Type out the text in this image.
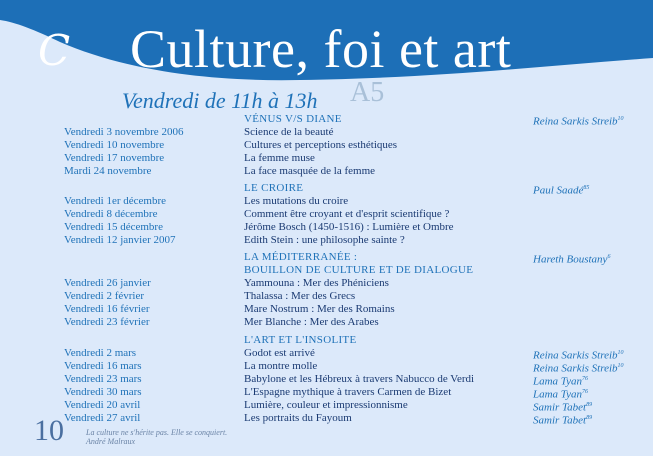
C Culture, foi et art
Vendredi de 11h à 13h A5
VÉNUS V/S DIANE	Reina Sarkis Streib$^{10}$
Vendredi 3 novembre 2006	Science de la beauté
Vendredi 10 novembre	Cultures et perceptions esthétiques
Vendredi 17 novembre	La femme muse
Mardi 24 novembre	La face masquée de la femme
LE CROIRE	Paul Saadé$^{85}$
Vendredi 1er décembre	Les mutations du croire
Vendredi 8 décembre	Comment être croyant et d'esprit scientifique ?
Vendredi 15 décembre	Jérôme Bosch (1450-1516) : Lumière et Ombre
Vendredi 12 janvier 2007	Edith Stein : une philosophe sainte ?
LA MÉDITERRANÉE :	Hareth Boustany$^6$
BOUILLON DE CULTURE ET DE DIALOGUE
Vendredi 26 janvier	Yammouna : Mer des Phéniciens
Vendredi 2 février	Thalassa : Mer des Grecs
Vendredi 16 février	Mare Nostrum : Mer des Romains
Vendredi 23 février	Mer Blanche : Mer des Arabes
L'ART ET L'INSOLITE
Vendredi 2 mars	Godot est arrivé	Reina Sarkis Streib$^{10}$
Vendredi 16 mars	La montre molle	Reina Sarkis Streib$^{10}$
Vendredi 23 mars	Babylone et les Hébreux à travers Nabucco de Verdi	Lama Tyan$^{76}$
Vendredi 30 mars	L'Espagne mythique à travers Carmen de Bizet	Lama Tyan$^{76}$
Vendredi 20 avril	Lumière, couleur et impressionnisme	Samir Tabet$^{89}$
Vendredi 27 avril	Les portraits du Fayoum	Samir Tabet$^{89}$
10	La culture ne s'hérite pas. Elle se conquiert.
André Malraux
